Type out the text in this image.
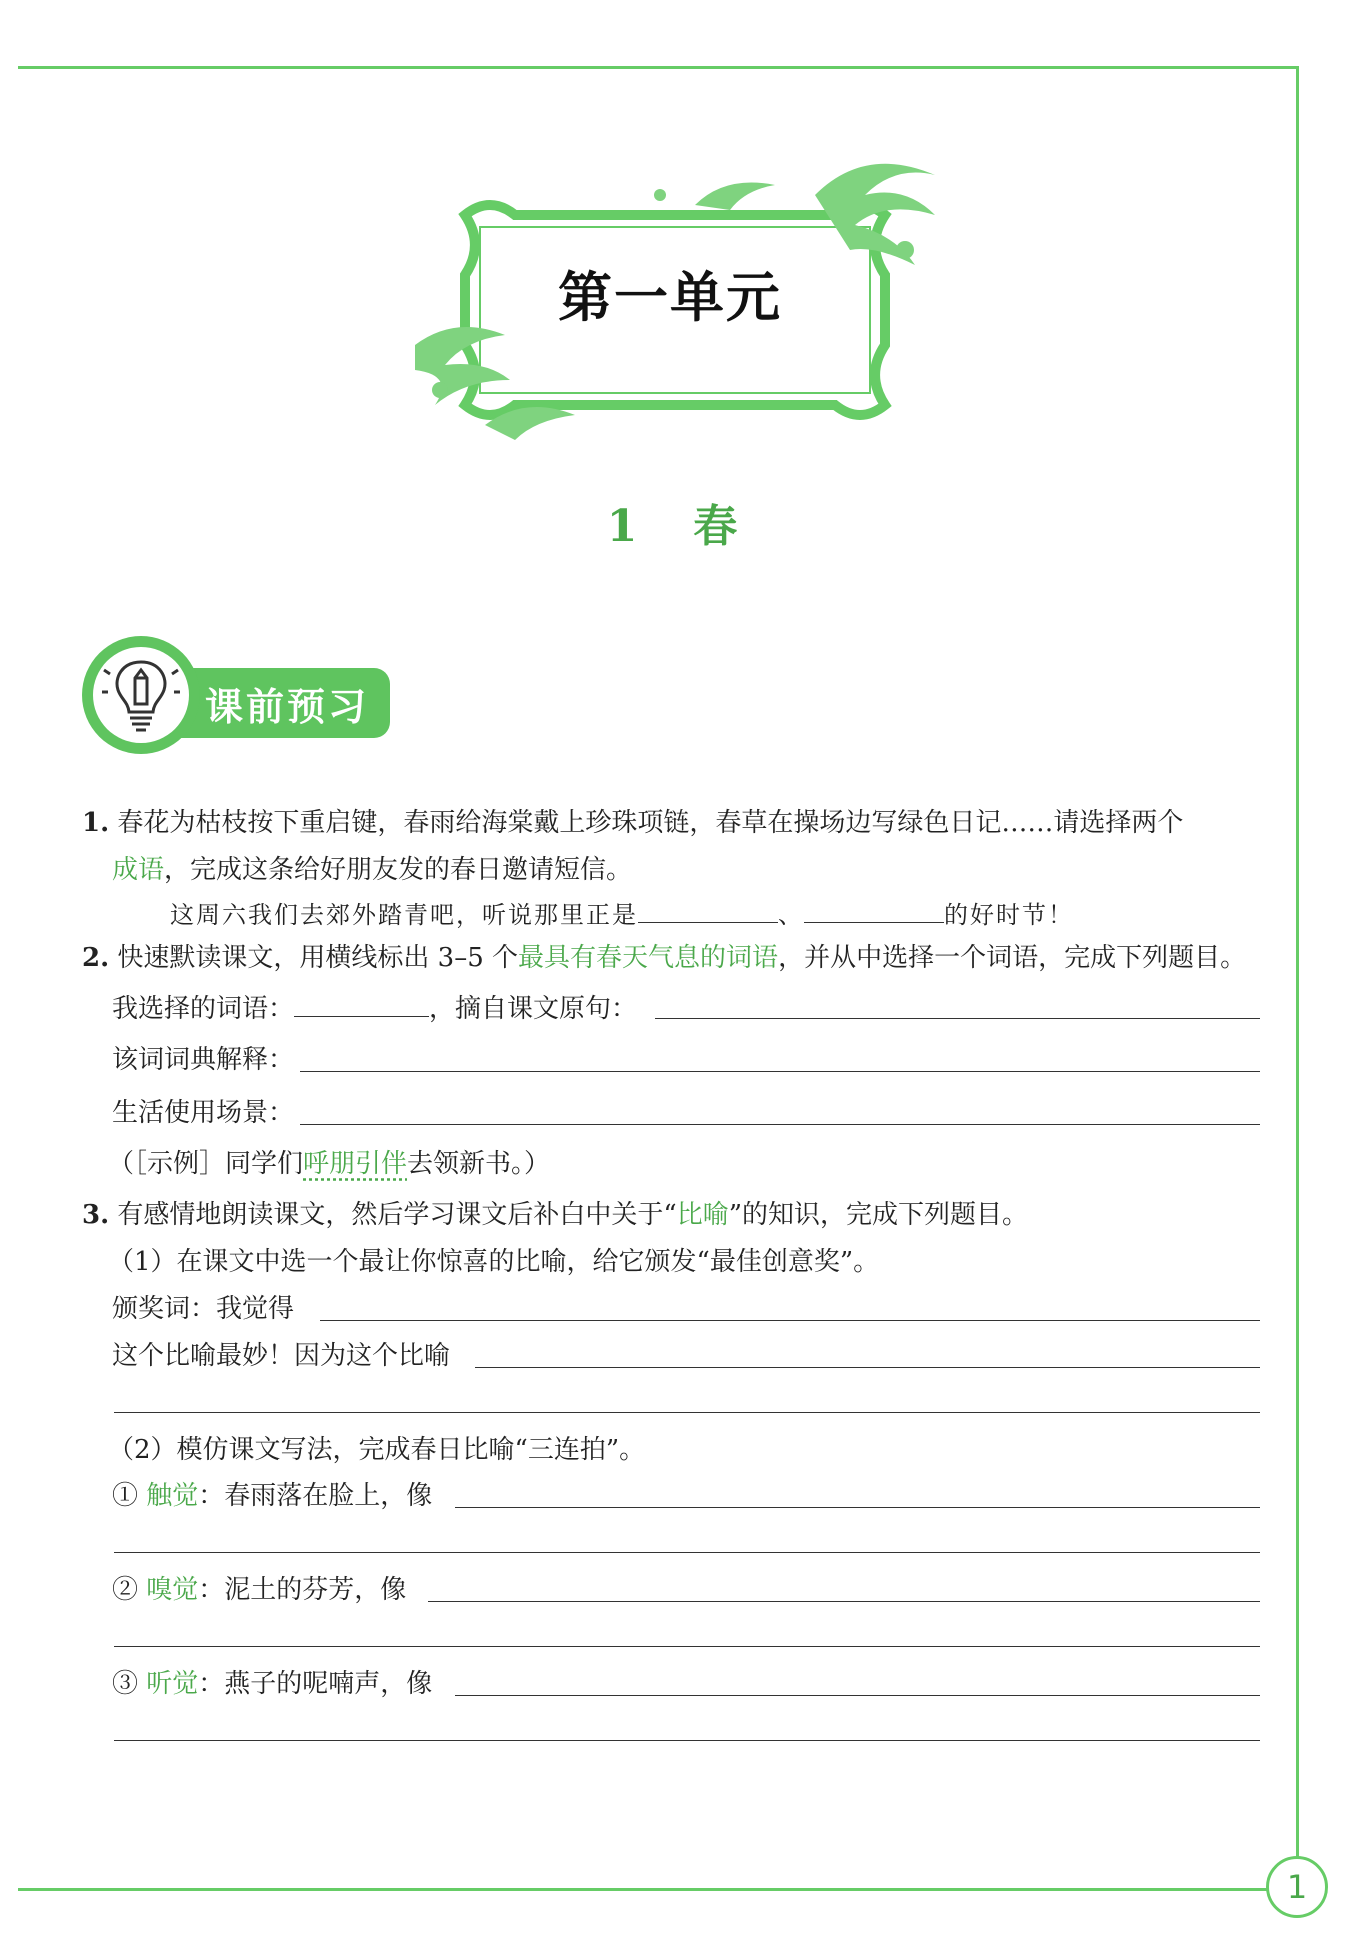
1
第一单元
1　春
课前预习
1. 春花为枯枝按下重启键，春雨给海棠戴上珍珠项链，春草在操场边写绿色日记……请选择两个
成语，完成这条给好朋友发的春日邀请短信。
这周六我们去郊外踏青吧，听说那里正是	、	的好时节！
2. 快速默读课文，用横线标出 3–5 个最具有春天气息的词语，并从中选择一个词语，完成下列题目。
我选择的词语：	，摘自课文原句：
该词词典解释：
生活使用场景：
（［示例］同学们呼朋引伴去领新书。）
3. 有感情地朗读课文，然后学习课文后补白中关于“比喻”的知识，完成下列题目。
（1）在课文中选一个最让你惊喜的比喻，给它颁发“最佳创意奖”。
颁奖词：我觉得
这个比喻最妙！因为这个比喻
（2）模仿课文写法，完成春日比喻“三连拍”。
① 触觉：春雨落在脸上，像
② 嗅觉：泥土的芬芳，像
③ 听觉：燕子的呢喃声，像
